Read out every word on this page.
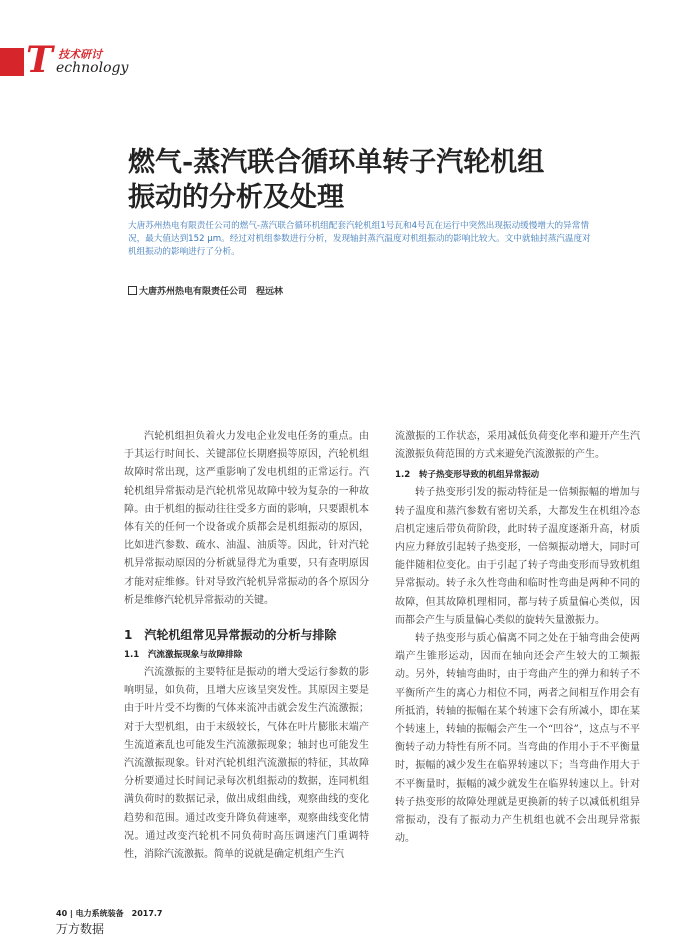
T 技术研讨
echnology
燃气-蒸汽联合循环单转子汽轮机组
振动的分析及处理

大唐苏州热电有限责任公司的燃气-蒸汽联合循环机组配套汽轮机组1号瓦和4号瓦在运行中突然出现振动缓慢增大的异常情况，最大值达到152 μm。经过对机组参数进行分析，发现轴封蒸汽温度对机组振动的影响比较大。文中就轴封蒸汽温度对机组振动的影响进行了分析。

大唐苏州热电有限责任公司　程远林

汽轮机组担负着火力发电企业发电任务的重点。由于其运行时间长、关键部位长期磨损等原因，汽轮机组故障时常出现，这严重影响了发电机组的正常运行。汽轮机组异常振动是汽轮机常见故障中较为复杂的一种故障。由于机组的振动往往受多方面的影响，只要跟机本体有关的任何一个设备或介质都会是机组振动的原因，比如进汽参数、疏水、油温、油质等。因此，针对汽轮机异常振动原因的分析就显得尤为重要，只有查明原因才能对症维修。针对导致汽轮机异常振动的各个原因分析是维修汽轮机异常振动的关键。

1　汽轮机组常见异常振动的分析与排除
1.1　汽流激振现象与故障排除

汽流激振的主要特征是振动的增大受运行参数的影响明显，如负荷，且增大应该呈突发性。其原因主要是由于叶片受不均衡的气体来流冲击就会发生汽流激振；对于大型机组，由于末级较长，气体在叶片膨胀末端产生流道紊乱也可能发生汽流激振现象；轴封也可能发生汽流激振现象。针对汽轮机组汽流激振的特征，其故障分析要通过长时间记录每次机组振动的数据，连同机组满负荷时的数据记录，做出成组曲线，观察曲线的变化趋势和范围。通过改变升降负荷速率，观察曲线变化情况。通过改变汽轮机不同负荷时高压调速汽门重调特性，消除汽流激振。简单的说就是确定机组产生汽

流激振的工作状态，采用减低负荷变化率和避开产生汽流激振负荷范围的方式来避免汽流激振的产生。

1.2　转子热变形导致的机组异常振动

转子热变形引发的振动特征是一倍频振幅的增加与转子温度和蒸汽参数有密切关系，大都发生在机组冷态启机定速后带负荷阶段，此时转子温度逐渐升高，材质内应力释放引起转子热变形，一倍频振动增大，同时可能伴随相位变化。由于引起了转子弯曲变形而导致机组异常振动。转子永久性弯曲和临时性弯曲是两种不同的故障，但其故障机理相同，都与转子质量偏心类似，因而都会产生与质量偏心类似的旋转矢量激振力。

转子热变形与质心偏离不同之处在于轴弯曲会使两端产生锥形运动，因而在轴向还会产生较大的工频振动。另外，转轴弯曲时，由于弯曲产生的弹力和转子不平衡所产生的离心力相位不同，两者之间相互作用会有所抵消，转轴的振幅在某个转速下会有所减小，即在某个转速上，转轴的振幅会产生一个“凹谷”，这点与不平衡转子动力特性有所不同。当弯曲的作用小于不平衡量时，振幅的减少发生在临界转速以下；当弯曲作用大于不平衡量时，振幅的减少就发生在临界转速以上。针对转子热变形的故障处理就是更换新的转子以减低机组异常振动，没有了振动力产生机组也就不会出现异常振动。

40 | 电力系统装备　2017.7
万方数据
